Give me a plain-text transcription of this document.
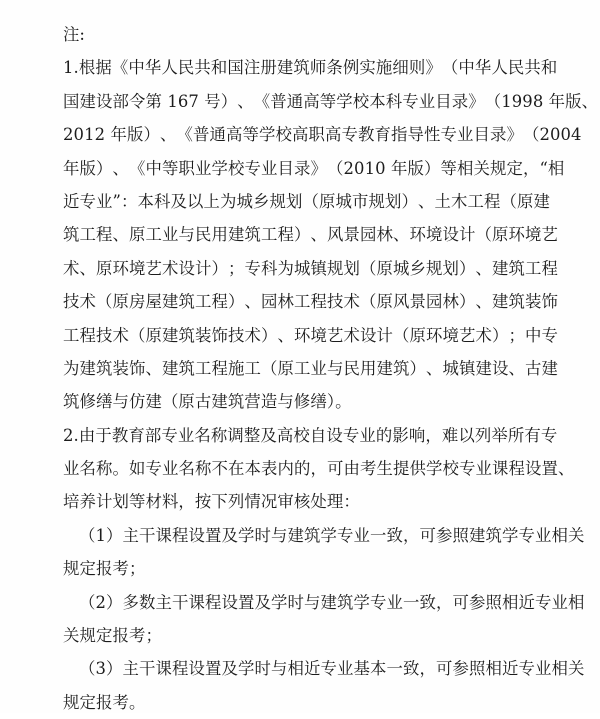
注:
1 . 根 据 《 中 华 人 民 共 和 国 注 册 建 筑 师 条 例 实 施 细 则 》 （ 中 华 人 民 共 和
国 建 设 部 令 第
1 6 7
号 ） 、 《 普 通 高 等 学 校 本 科 专 业 目 录 》 （ 1 9 9 8
年 版 、
2 0 1 2
年 版 ） 、 《 普 通 高 等 学 校 高 职 高 专 教 育 指 导 性 专 业 目 录 》 （ 2 0 0 4
年 版 ） 、 《 中 等 职 业 学 校 专 业 目 录 》 （ 2 0 1 0
年 版 ） 等 相 关 规 定 ， “ 相
近 专 业 ” ： 本 科 及 以 上 为 城 乡 规 划 （ 原 城 市 规 划 ） 、 土 木 工 程 （ 原 建
筑 工 程 、 原 工 业 与 民 用 建 筑 工 程 ） 、 风 景 园 林 、 环 境 设 计 （ 原 环 境 艺
术 、 原 环 境 艺 术 设 计 ） ； 专 科 为 城 镇 规 划 （ 原 城 乡 规 划 ） 、 建 筑 工 程
技 术 （ 原 房 屋 建 筑 工 程 ） 、 园 林 工 程 技 术 （ 原 风 景 园 林 ） 、 建 筑 装 饰
工 程 技 术 （ 原 建 筑 装 饰 技 术 ） 、 环 境 艺 术 设 计 （ 原 环 境 艺 术 ） ； 中 专
为 建 筑 装 饰 、 建 筑 工 程 施 工 （ 原 工 业 与 民 用 建 筑 ） 、 城 镇 建 设 、 古 建
筑修缮与仿建（原古建筑营造与修缮）。
2 . 由 于 教 育 部 专 业 名 称 调 整 及 高 校 自 设 专 业 的 影 响 ， 难 以 列 举 所 有 专
业 名 称 。 如 专 业 名 称 不 在 本 表 内 的 ， 可 由 考 生 提 供 学 校 专 业 课 程 设 置 、
培养计划等材料，按下列情况审核处理：
（ 1 ） 主 干 课 程 设 置 及 学 时 与 建 筑 学 专 业 一 致 ， 可 参 照 建 筑 学 专 业 相 关
规定报考；
（ 2 ） 多 数 主 干 课 程 设 置 及 学 时 与 建 筑 学 专 业 一 致 ， 可 参 照 相 近 专 业 相
关规定报考；
（ 3 ） 主 干 课 程 设 置 及 学 时 与 相 近 专 业 基 本 一 致 ， 可 参 照 相 近 专 业 相 关
规定报考。
